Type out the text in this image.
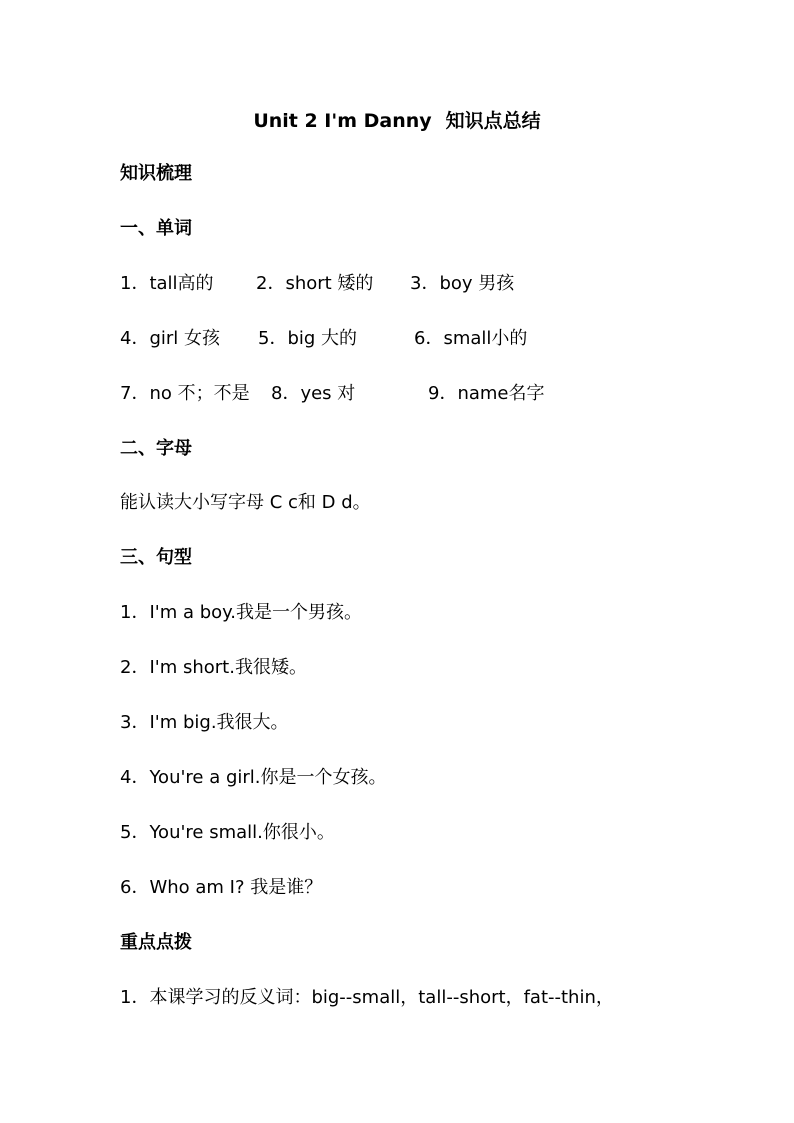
Unit 2 I'm Danny 知识点总结
知识梳理
一、单词
1．tall高的 2．short 矮的 3．boy 男孩
4．girl 女孩 5．big 大的	6．small小的
7．no 不；不是 8．yes 对	9．name名字
二、字母
能认读大小写字母 C c和 D d。
三、句型
1．I'm a boy.我是一个男孩。
2．I'm short.我很矮。
3．I'm big.我很大。
4．You're a girl.你是一个女孩。
5．You're small.你很小。
6．Who am I? 我是谁？
重点点拨
1．本课学习的反义词：big--small，tall--short，fat--thin，
